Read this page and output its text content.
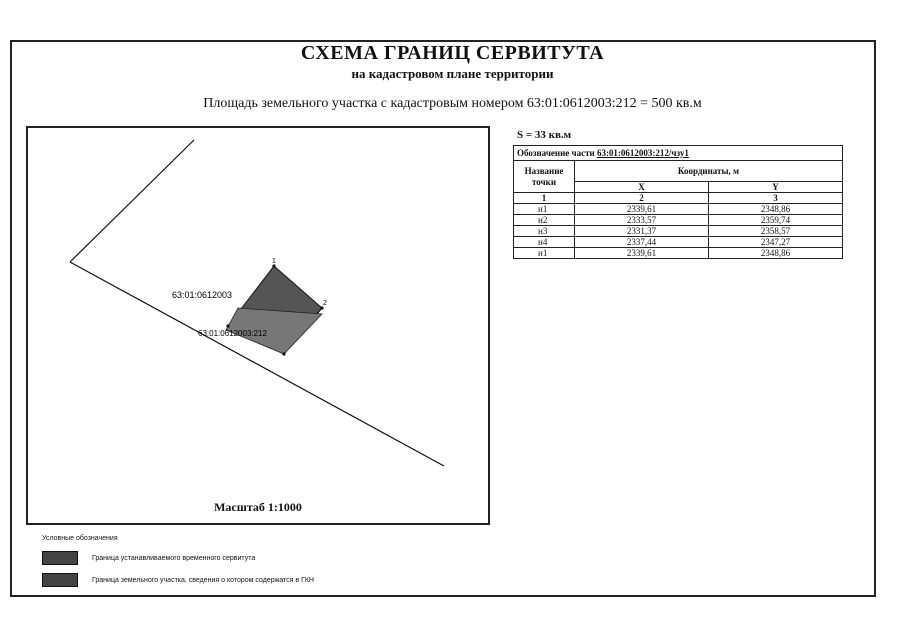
СХЕМА ГРАНИЦ СЕРВИТУТА
на кадастровом плане территории
Площадь земельного участка с кадастровым номером 63:01:0612003:212 = 500 кв.м
63:01:0612003
63:01:0612003:212
1
2
Масштаб 1:1000
S = 33 кв.м
Обозначение части 63:01:0612003:212/чзу1		
Название точки	Координаты, м	
	X	Y
1	2	3
н1	2339,61	2348,86
н2	2333,57	2359,74
н3	2331,37	2358,57
н4	2337,44	2347,27
н1	2339,61	2348,86
Условные обозначения
Граница устанавливаемого временного сервитута
Граница земельного участка, сведения о котором содержатся в ГКН
